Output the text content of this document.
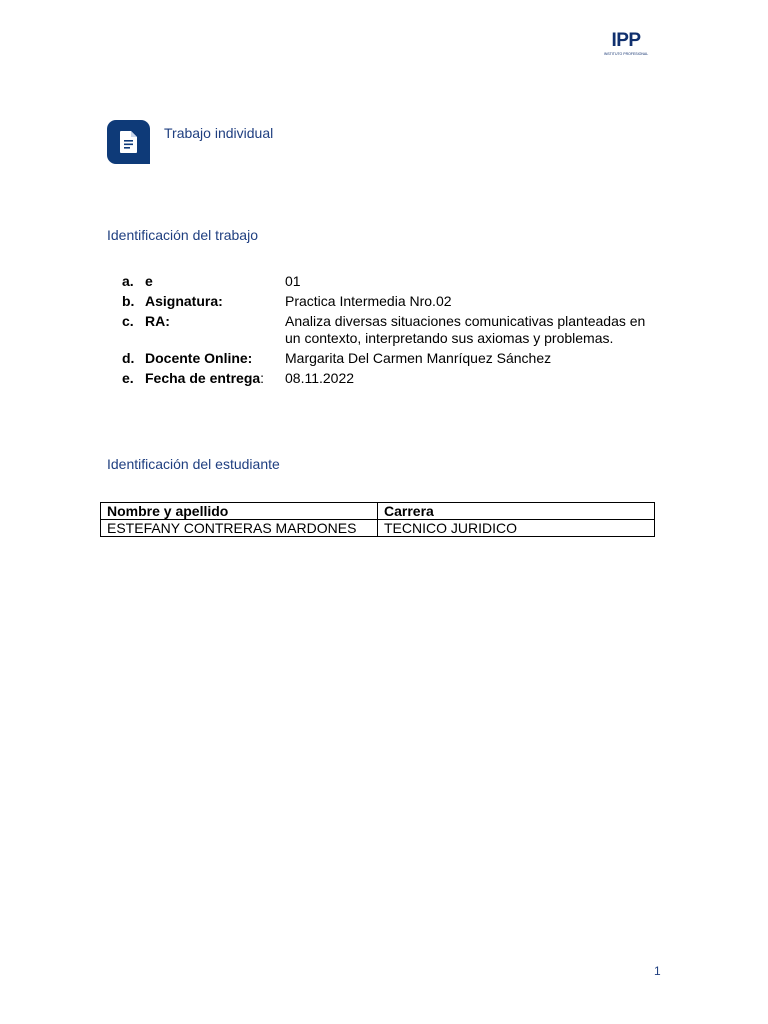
IPP
INSTITUTO PROFESIONAL
Trabajo individual
Identificación del trabajo
a. e	01
b. Asignatura:	Practica Intermedia Nro.02
c. RA:	Analiza diversas situaciones comunicativas planteadas en un contexto, interpretando sus axiomas y problemas.
d. Docente Online: Margarita Del Carmen Manríquez Sánchez
e. Fecha de entrega: 08.11.2022
Identificación del estudiante
Nombre y apellido	Carrera
ESTEFANY CONTRERAS MARDONES	TECNICO JURIDICO
1
